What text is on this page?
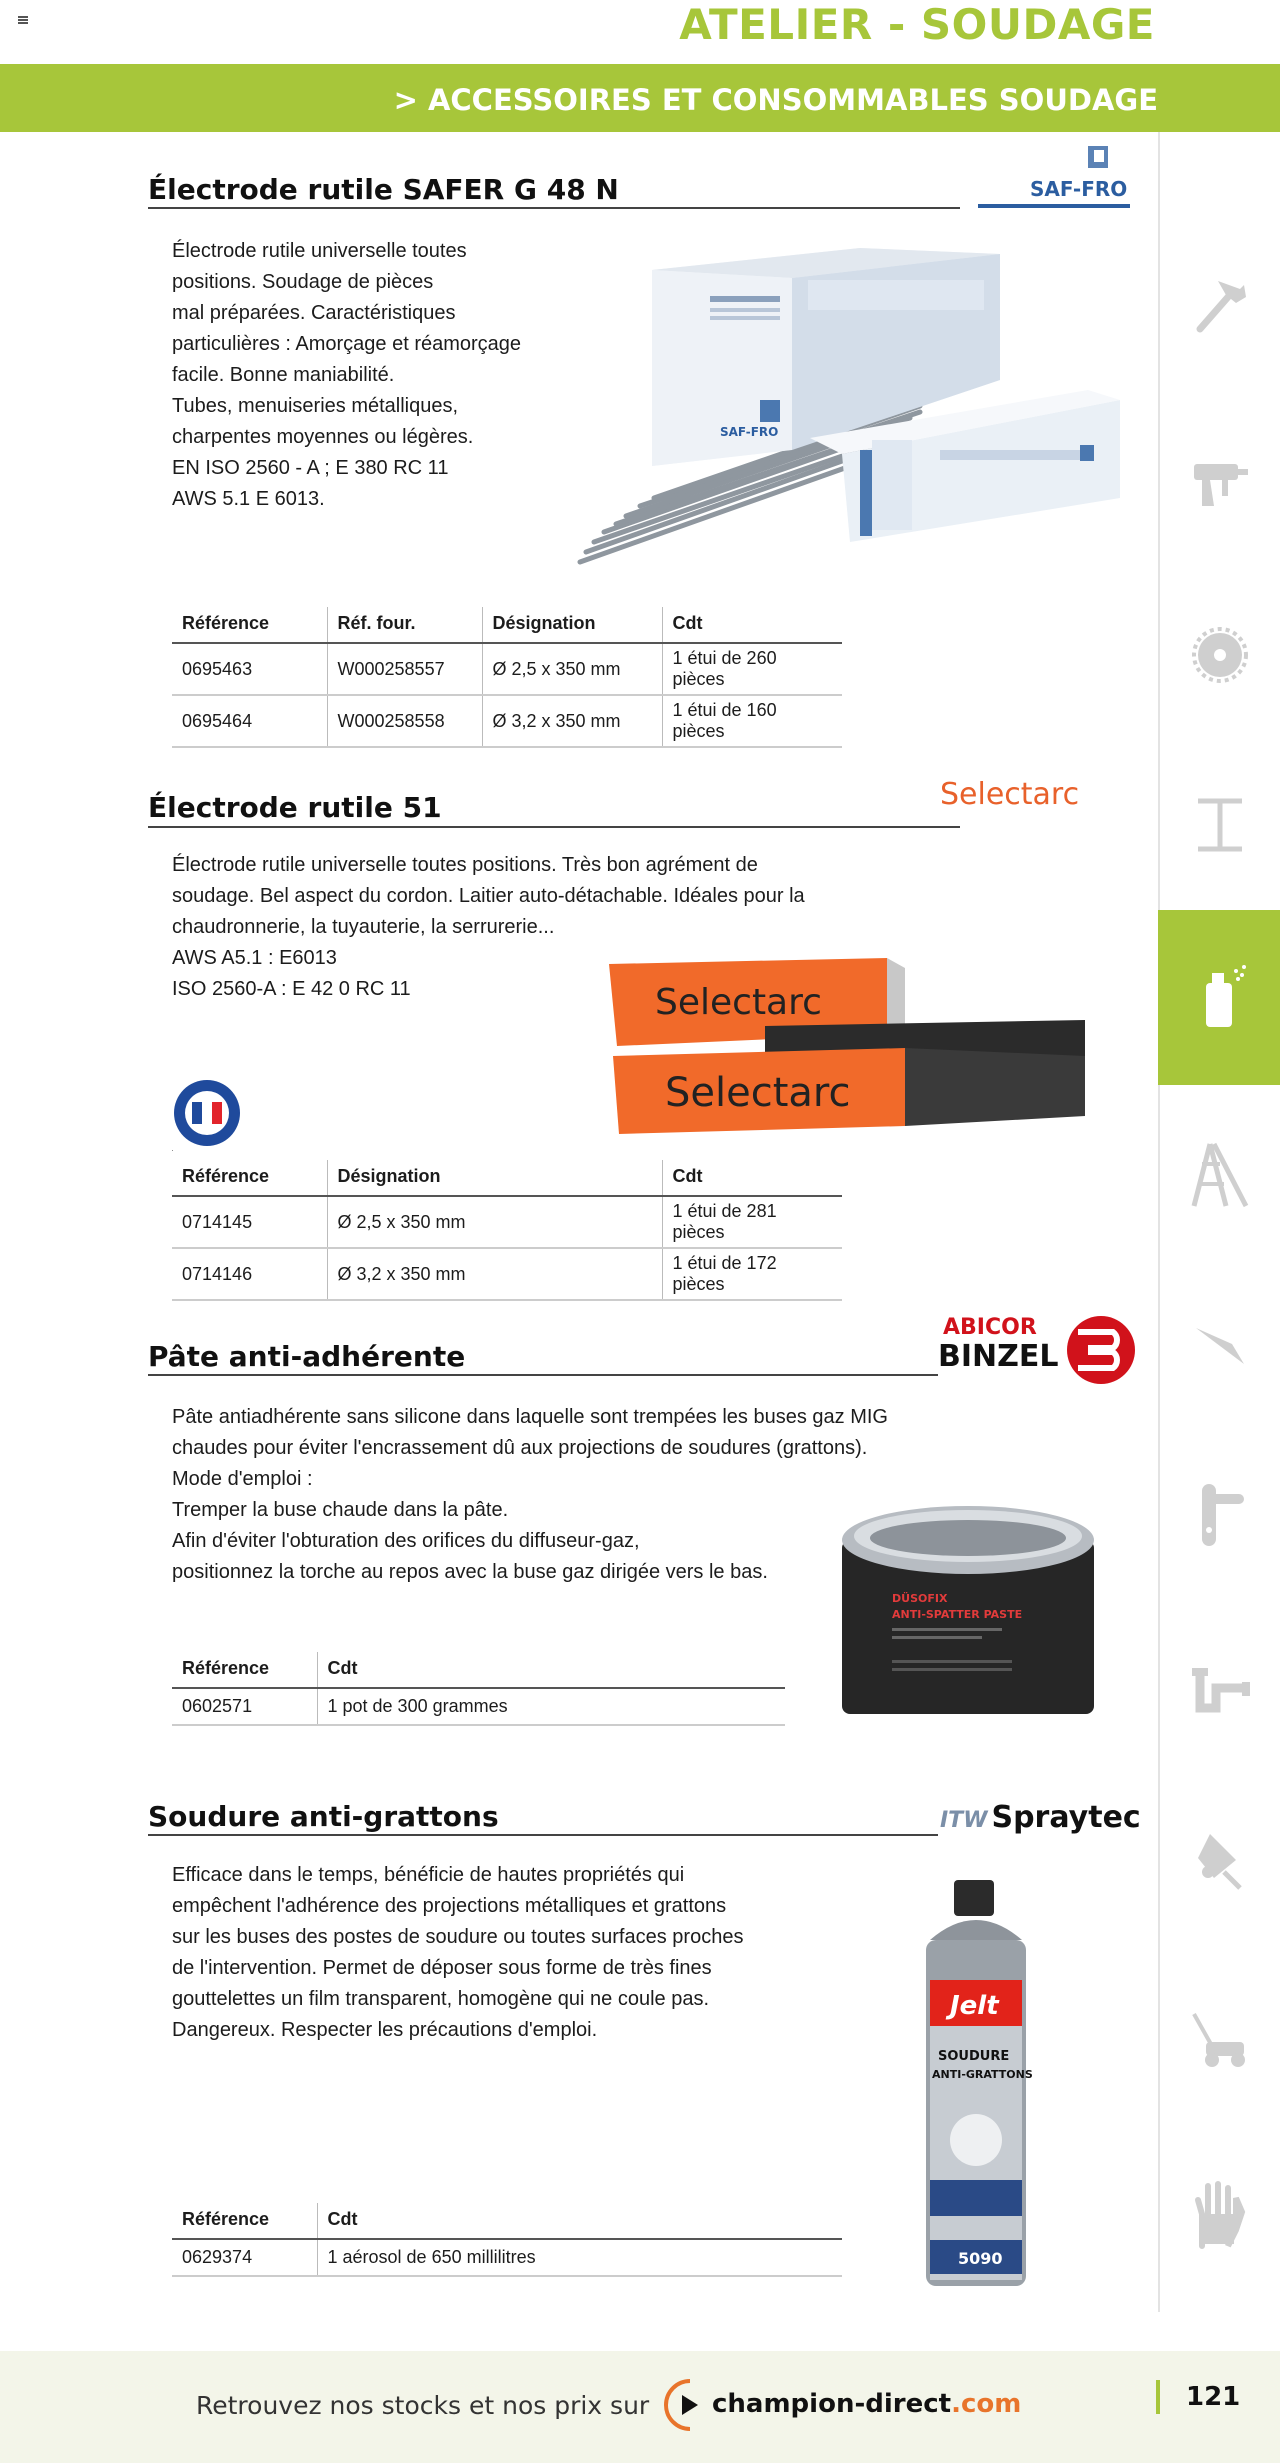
ATELIER - SOUDAGE
> ACCESSOIRES ET CONSOMMABLES SOUDAGE
Électrode rutile SAFER G 48 N	SAF-FRO
Électrode rutile universelle toutes
positions. Soudage de pièces
mal préparées. Caractéristiques
particulières : Amorçage et réamorçage
facile. Bonne maniabilité.
Tubes, menuiseries métalliques,
charpentes moyennes ou légères.
EN ISO 2560 - A ; E 380 RC 11
AWS 5.1 E 6013.
SAF-FRO
Référence	Réf. four.	Désignation	Cdt
0695463	W000258557	Ø 2,5 x 350 mm	1 étui de 260 pièces
0695464	W000258558	Ø 3,2 x 350 mm	1 étui de 160 pièces
Électrode rutile 51	Selectarc
Électrode rutile universelle toutes positions. Très bon agrément de
soudage. Bel aspect du cordon. Laitier auto-détachable. Idéales pour la
chaudronnerie, la tuyauterie, la serrurerie...
AWS A5.1 : E6013
ISO 2560-A : E 42 0 RC 11	Selectarc
Selectarc
Référence	Désignation	Cdt
0714145	Ø 2,5 x 350 mm	1 étui de 281 pièces
0714146	Ø 3,2 x 350 mm	1 étui de 172 pièces
Pâte anti-adhérente
ABICOR
BINZEL
Pâte antiadhérente sans silicone dans laquelle sont trempées les buses gaz MIG
chaudes pour éviter l'encrassement dû aux projections de soudures (grattons).
Mode d'emploi :
Tremper la buse chaude dans la pâte.
Afin d'éviter l'obturation des orifices du diffuseur-gaz,
positionnez la torche au repos avec la buse gaz dirigée vers le bas.
DÜSOFIX
ANTI-SPATTER PASTE
Référence	Cdt
0602571	1 pot de 300 grammes
Soudure anti-grattons	ITW Spraytec
Efficace dans le temps, bénéficie de hautes propriétés qui
empêchent l'adhérence des projections métalliques et grattons
sur les buses des postes de soudure ou toutes surfaces proches
de l'intervention. Permet de déposer sous forme de très fines
gouttelettes un film transparent, homogène qui ne coule pas.
Dangereux. Respecter les précautions d'emploi.
Jelt
SOUDURE
ANTI-GRATTONS
5090
Référence	Cdt
0629374	1 aérosol de 650 millilitres
Retrouvez nos stocks et nos prix sur champion-direct.com	121
